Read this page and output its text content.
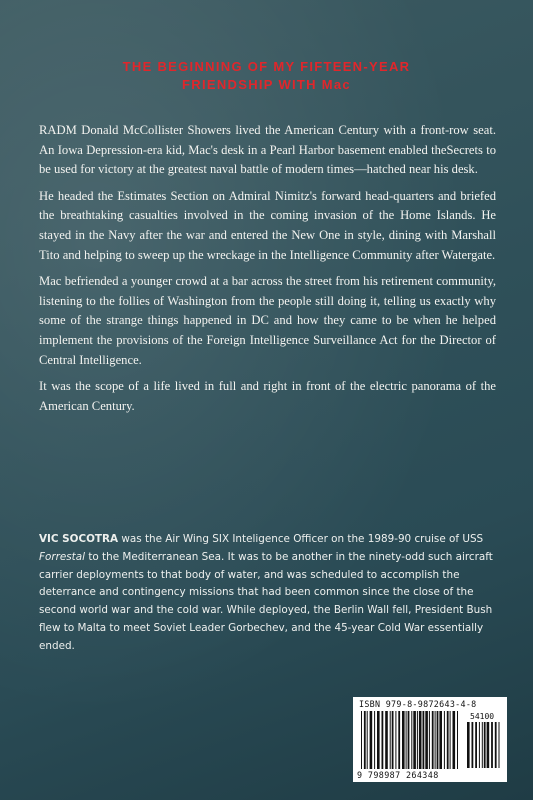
THE BEGINNING OF MY FIFTEEN-YEAR
FRIENDSHIP WITH Mac

RADM Donald McCollister Showers lived the American Century with a front-row seat. An Iowa Depression-era kid, Mac's desk in a Pearl Harbor basement enabled theSecrets to be used for victory at the greatest naval battle of modern times—hatched near his desk.

He headed the Estimates Section on Admiral Nimitz's forward head-quarters and briefed the breathtaking casualties involved in the coming invasion of the Home Islands. He stayed in the Navy after the war and entered the New One in style, dining with Marshall Tito and helping to sweep up the wreckage in the Intelligence Community after Watergate.

Mac befriended a younger crowd at a bar across the street from his retirement community, listening to the follies of Washington from the people still doing it, telling us exactly why some of the strange things happened in DC and how they came to be when he helped implement the provisions of the Foreign Intelligence Surveillance Act for the Director of Central Intelligence.

It was the scope of a life lived in full and right in front of the electric panorama of the American Century.

VIC SOCOTRA was the Air Wing SIX Inteligence Officer on the 1989-90 cruise of USS Forrestal to the Mediterranean Sea. It was to be another in the ninety-odd such aircraft carrier deployments to that body of water, and was scheduled to accomplish the deterrance and contingency missions that had been common since the close of the second world war and the cold war. While deployed, the Berlin Wall fell, President Bush flew to Malta to meet Soviet Leader Gorbechev, and the 45-year Cold War essentially ended.
ISBN 979-8-9872643-4-8
54100
9 798987 264348
